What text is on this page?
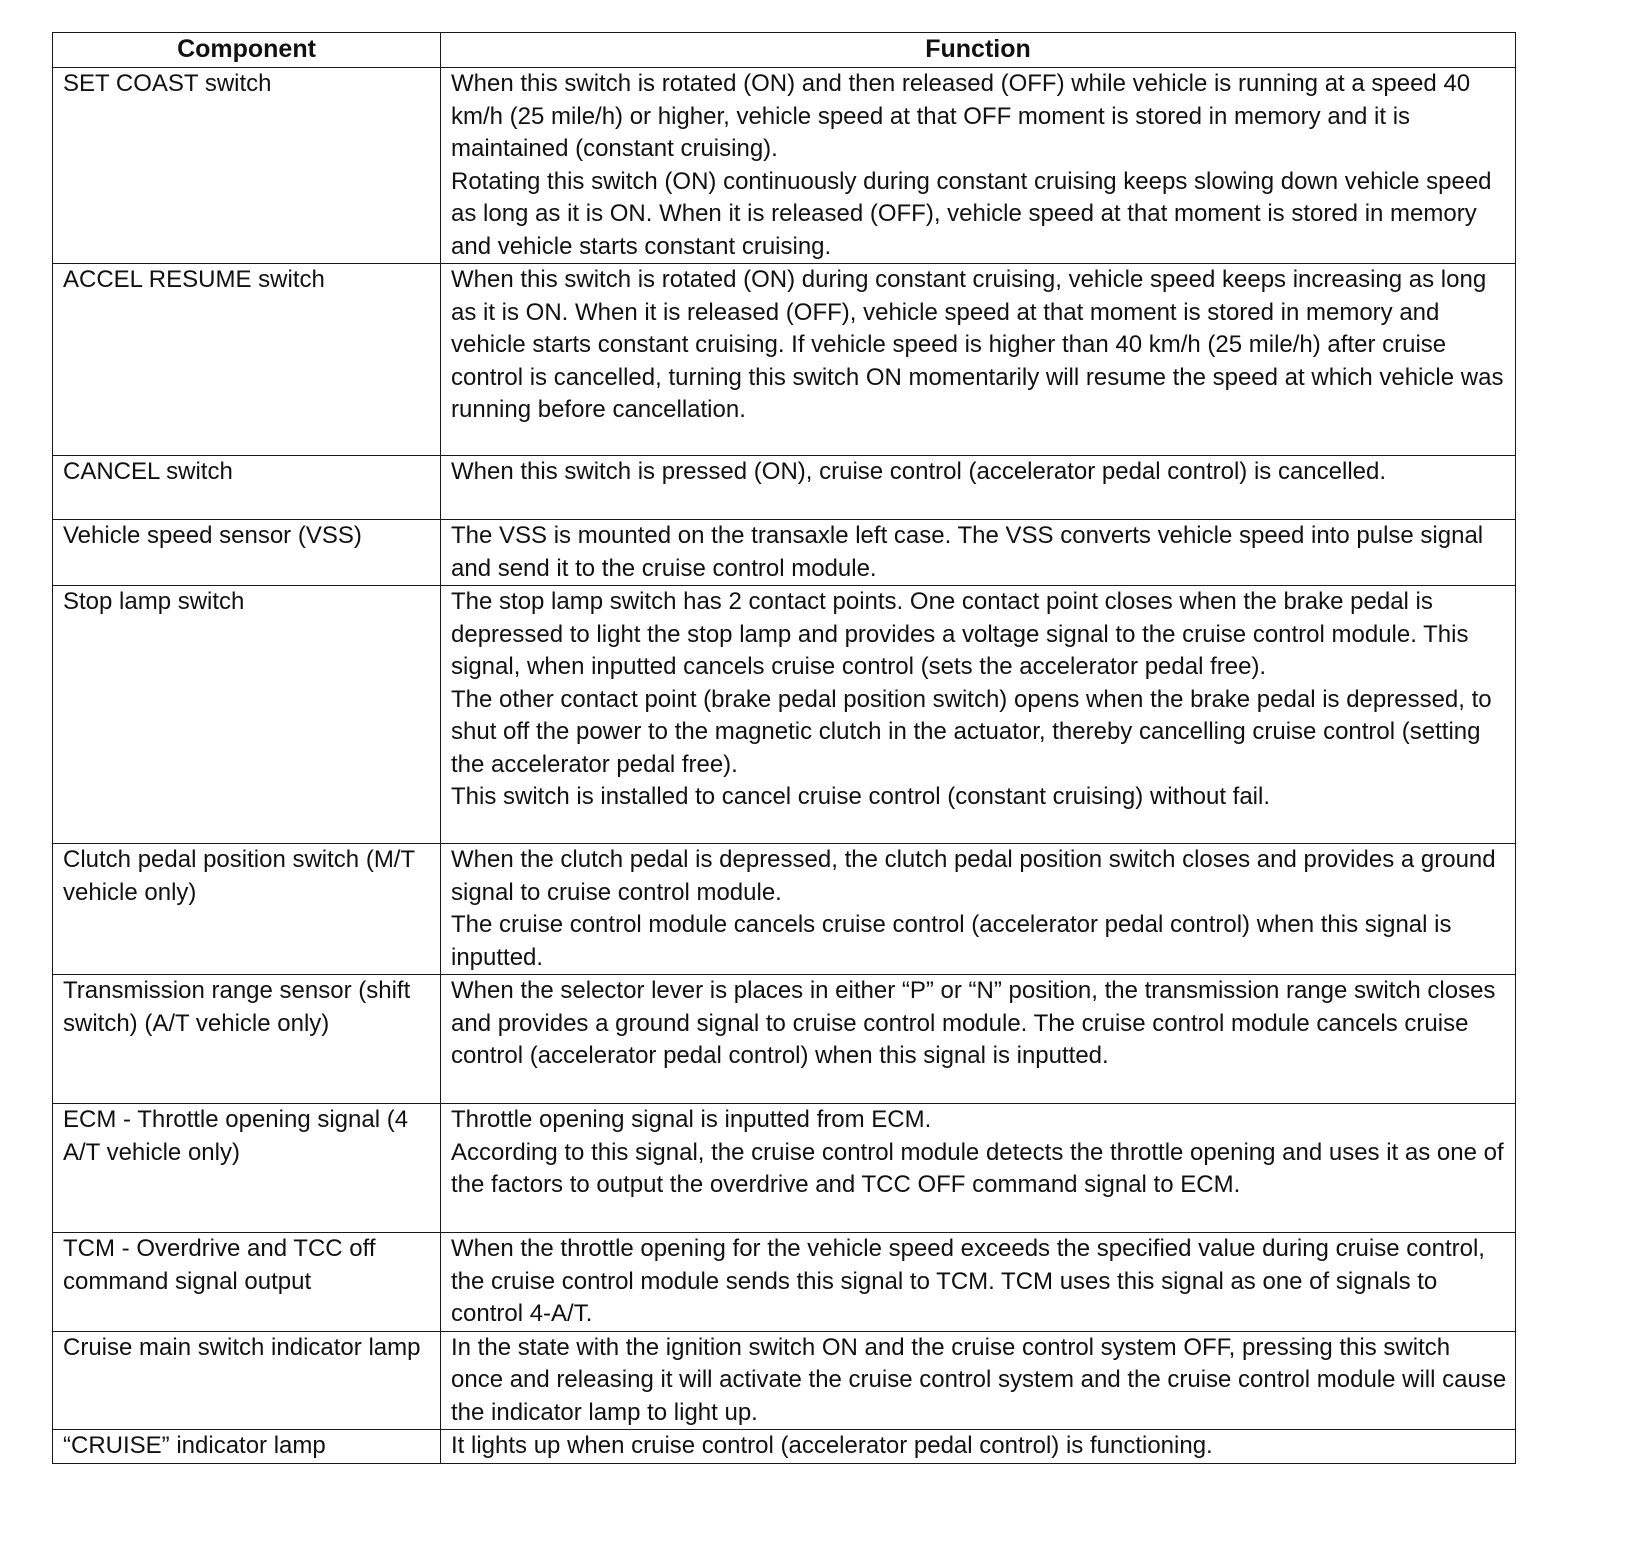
Component	Function

SET COAST switch	When this switch is rotated (ON) and then released (OFF) while vehicle is running at a speed 40 km/h (25 mile/h) or higher, vehicle speed at that OFF moment is stored in memory and it is maintained (constant cruising).
Rotating this switch (ON) continuously during constant cruising keeps slowing down vehicle speed as long as it is ON. When it is released (OFF), vehicle speed at that moment is stored in memory and vehicle starts constant cruising.

ACCEL RESUME switch	When this switch is rotated (ON) during constant cruising, vehicle speed keeps increasing as long as it is ON. When it is released (OFF), vehicle speed at that moment is stored in memory and vehicle starts constant cruising. If vehicle speed is higher than 40 km/h (25 mile/h) after cruise control is cancelled, turning this switch ON momentarily will resume the speed at which vehicle was running before cancellation.

CANCEL switch	When this switch is pressed (ON), cruise control (accelerator pedal control) is cancelled.

Vehicle speed sensor (VSS)	The VSS is mounted on the transaxle left case. The VSS converts vehicle speed into pulse signal and send it to the cruise control module.

Stop lamp switch	The stop lamp switch has 2 contact points. One contact point closes when the brake pedal is depressed to light the stop lamp and provides a voltage signal to the cruise control module. This signal, when inputted cancels cruise control (sets the accelerator pedal free).
The other contact point (brake pedal position switch) opens when the brake pedal is depressed, to shut off the power to the magnetic clutch in the actuator, thereby cancelling cruise control (setting the accelerator pedal free).
This switch is installed to cancel cruise control (constant cruising) without fail.

Clutch pedal position switch (M/T vehicle only)	When the clutch pedal is depressed, the clutch pedal position switch closes and provides a ground signal to cruise control module.
The cruise control module cancels cruise control (accelerator pedal control) when this signal is inputted.

Transmission range sensor (shift switch) (A/T vehicle only)	When the selector lever is places in either “P” or “N” position, the transmission range switch closes and provides a ground signal to cruise control module. The cruise control module cancels cruise control (accelerator pedal control) when this signal is inputted.

ECM - Throttle opening signal (4 A/T vehicle only)	Throttle opening signal is inputted from ECM.
According to this signal, the cruise control module detects the throttle opening and uses it as one of the factors to output the overdrive and TCC OFF command signal to ECM.

TCM - Overdrive and TCC off command signal output	When the throttle opening for the vehicle speed exceeds the specified value during cruise control, the cruise control module sends this signal to TCM. TCM uses this signal as one of signals to control 4-A/T.

Cruise main switch indicator lamp	In the state with the ignition switch ON and the cruise control system OFF, pressing this switch once and releasing it will activate the cruise control system and the cruise control module will cause the indicator lamp to light up.

“CRUISE” indicator lamp	It lights up when cruise control (accelerator pedal control) is functioning.
